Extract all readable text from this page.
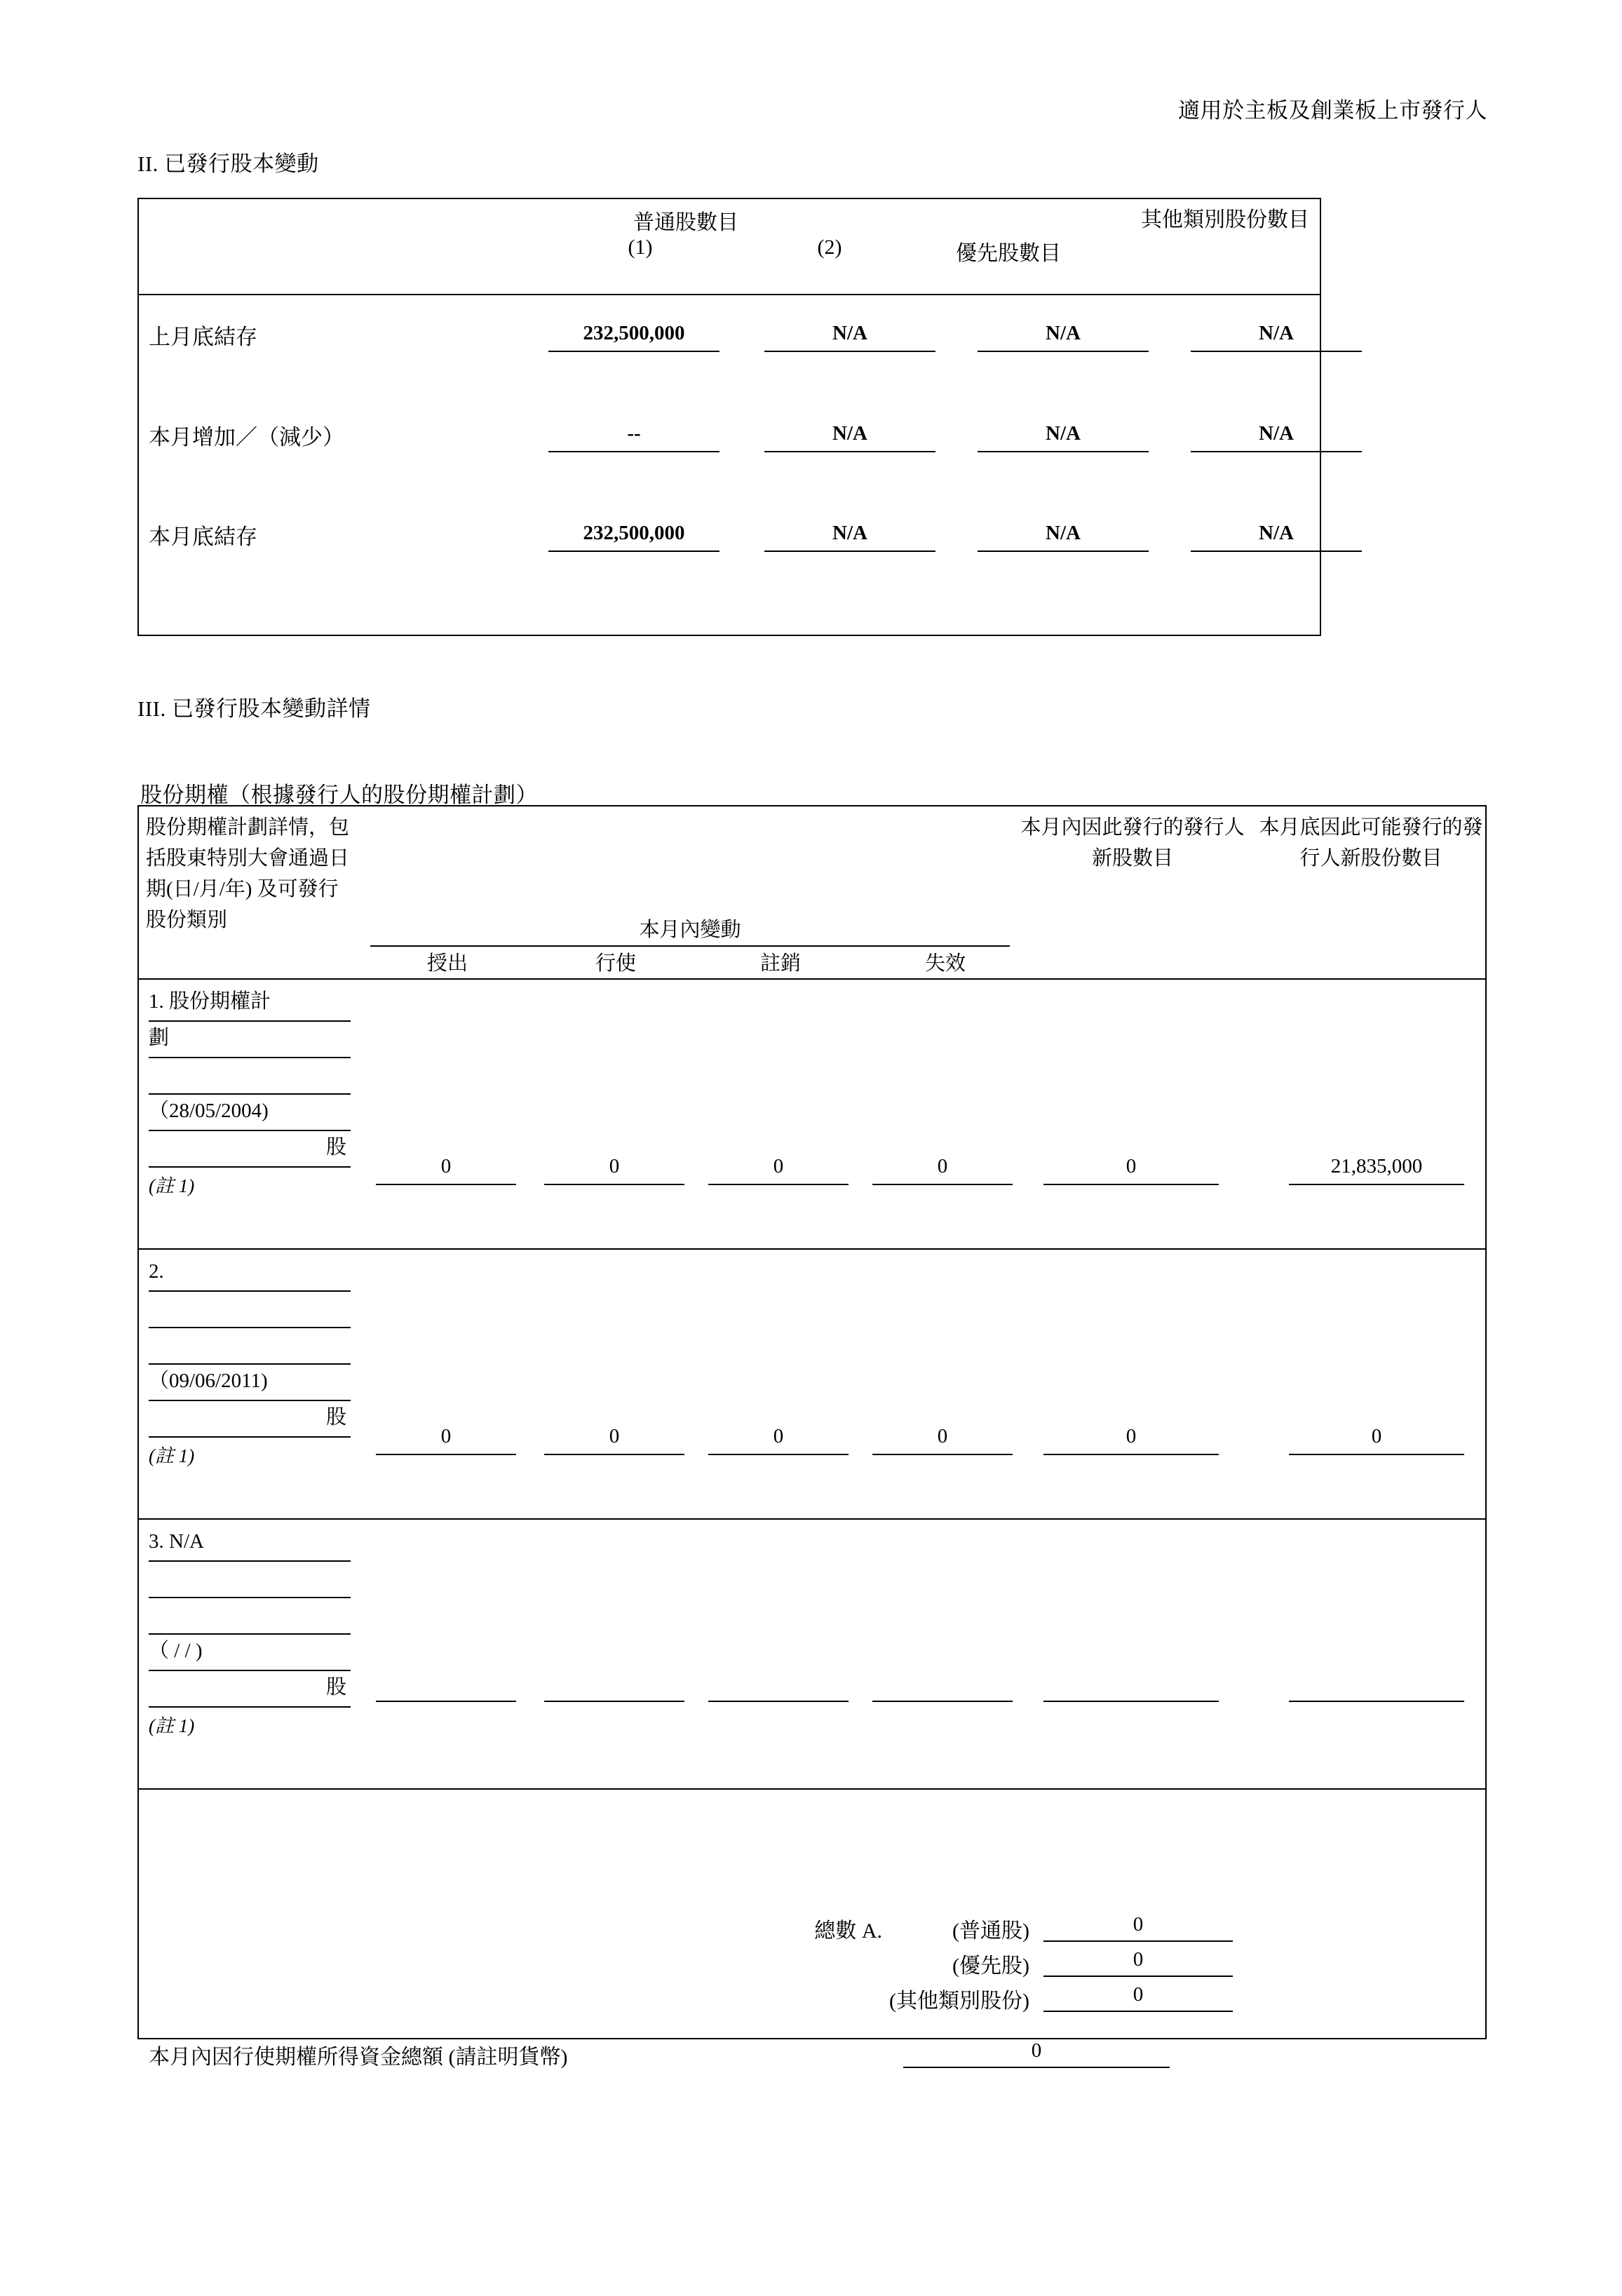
適用於主板及創業板上市發行人
II. 已發行股本變動
普通股數目
(1)	(2)	優先股數目
其他類別股份數目
上月底結存	232,500,000	N/A	N/A	N/A
本月增加／（減少）	--	N/A	N/A	N/A
本月底結存	232,500,000	N/A	N/A	N/A
III. 已發行股本變動詳情
股份期權（根據發行人的股份期權計劃）
股份期權計劃詳情，包括股東特別大會通過日期(日/月/年) 及可發行股份類別
本月內因此發行的發行人新股數目
本月底因此可能發行的發行人新股份數目
本月內變動
授出	行使	註銷	失效
1. 股份期權計
劃
（28/05/2004)
股
(註 1)
0	0	0	0	0	21,835,000
2.
（09/06/2011)
股
(註 1)
0	0	0	0	0	0
3. N/A
（ / / )
股
(註 1)
總數 A.	(普通股)	0
(優先股)	0
(其他類別股份)	0
本月內因行使期權所得資金總額 (請註明貨幣)	0
